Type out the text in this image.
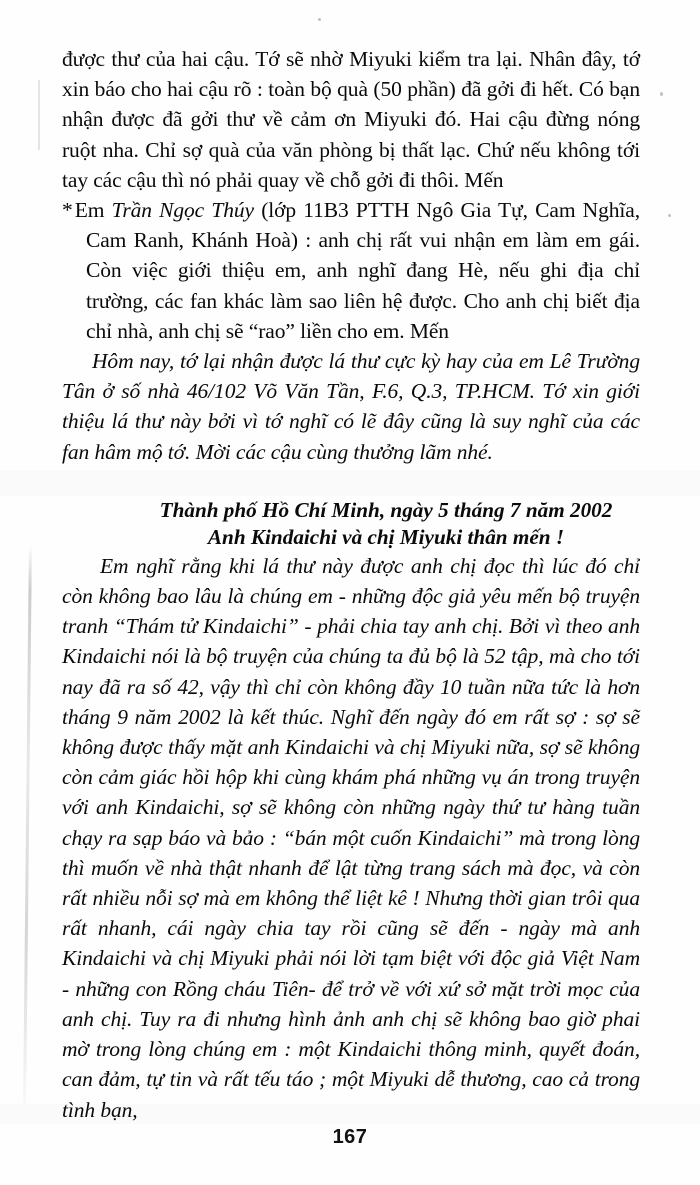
được thư của hai cậu. Tớ sẽ nhờ Miyuki kiểm tra lại. Nhân đây, tớ xin báo cho hai cậu rõ : toàn bộ quà (50 phần) đã gởi đi hết. Có bạn nhận được đã gởi thư về cảm ơn Miyuki đó. Hai cậu đừng nóng ruột nha. Chỉ sợ quà của văn phòng bị thất lạc. Chứ nếu không tới tay các cậu thì nó phải quay về chỗ gởi đi thôi. Mến

*Em Trần Ngọc Thúy (lớp 11B3 PTTH Ngô Gia Tự, Cam Nghĩa, Cam Ranh, Khánh Hoà) : anh chị rất vui nhận em làm em gái. Còn việc giới thiệu em, anh nghĩ đang Hè, nếu ghi địa chỉ trường, các fan khác làm sao liên hệ được. Cho anh chị biết địa chỉ nhà, anh chị sẽ “rao” liền cho em. Mến

Hôm nay, tớ lại nhận được lá thư cực kỳ hay của em Lê Trường Tân ở số nhà 46/102 Võ Văn Tần, F.6, Q.3, TP.HCM. Tớ xin giới thiệu lá thư này bởi vì tớ nghĩ có lẽ đây cũng là suy nghĩ của các fan hâm mộ tớ. Mời các cậu cùng thưởng lãm nhé.

Thành phố Hồ Chí Minh, ngày 5 tháng 7 năm 2002
Anh Kindaichi và chị Miyuki thân mến !

Em nghĩ rằng khi lá thư này được anh chị đọc thì lúc đó chỉ còn không bao lâu là chúng em - những độc giả yêu mến bộ truyện tranh “Thám tử Kindaichi” - phải chia tay anh chị. Bởi vì theo anh Kindaichi nói là bộ truyện của chúng ta đủ bộ là 52 tập, mà cho tới nay đã ra số 42, vậy thì chỉ còn không đầy 10 tuần nữa tức là hơn tháng 9 năm 2002 là kết thúc. Nghĩ đến ngày đó em rất sợ : sợ sẽ không được thấy mặt anh Kindaichi và chị Miyuki nữa, sợ sẽ không còn cảm giác hồi hộp khi cùng khám phá những vụ án trong truyện với anh Kindaichi, sợ sẽ không còn những ngày thứ tư hàng tuần chạy ra sạp báo và bảo : “bán một cuốn Kindaichi” mà trong lòng thì muốn về nhà thật nhanh để lật từng trang sách mà đọc, và còn rất nhiều nỗi sợ mà em không thể liệt kê ! Nhưng thời gian trôi qua rất nhanh, cái ngày chia tay rồi cũng sẽ đến - ngày mà anh Kindaichi và chị Miyuki phải nói lời tạm biệt với độc giả Việt Nam - những con Rồng cháu Tiên- để trở về với xứ sở mặt trời mọc của anh chị. Tuy ra đi nhưng hình ảnh anh chị sẽ không bao giờ phai mờ trong lòng chúng em : một Kindaichi thông minh, quyết đoán, can đảm, tự tin và rất tếu táo ; một Miyuki dễ thương, cao cả trong tình bạn,

167
